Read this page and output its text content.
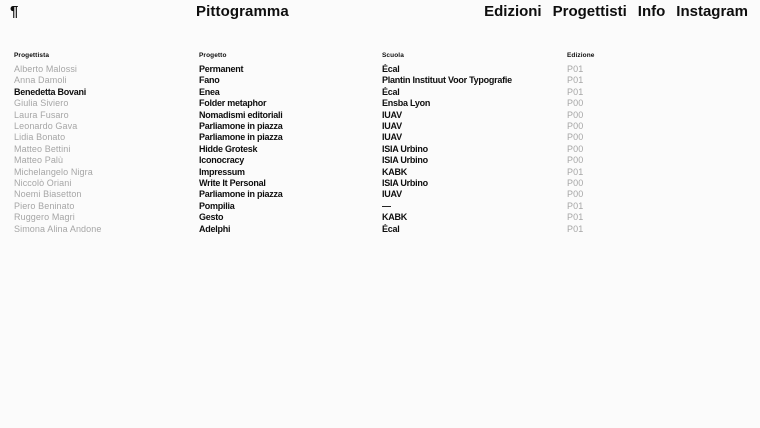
¶	Pittogramma	Edizioni Progettisti Info Instagram
Progettista	Progetto	Scuola	Edizione
Alberto Malossi	Permanent	Écal	P01
Anna Damoli	Fano	Plantin Instituut Voor Typografie	P01
Benedetta Bovani	Enea	Écal	P01
Giulia Siviero	Folder metaphor	Ensba Lyon	P00
Laura Fusaro	Nomadismi editoriali	IUAV	P00
Leonardo Gava	Parliamone in piazza	IUAV	P00
Lidia Bonato	Parliamone in piazza	IUAV	P00
Matteo Bettini	Hidde Grotesk	ISIA Urbino	P00
Matteo Palù	Iconocracy	ISIA Urbino	P00
Michelangelo Nigra	Impressum	KABK	P01
Niccolò Oriani	Write It Personal	ISIA Urbino	P00
Noemi Biasetton	Parliamone in piazza	IUAV	P00
Piero Beninato	Pompilia	—	P01
Ruggero Magri	Gesto	KABK	P01
Simona Alina Andone	Adelphi	Écal	P01
